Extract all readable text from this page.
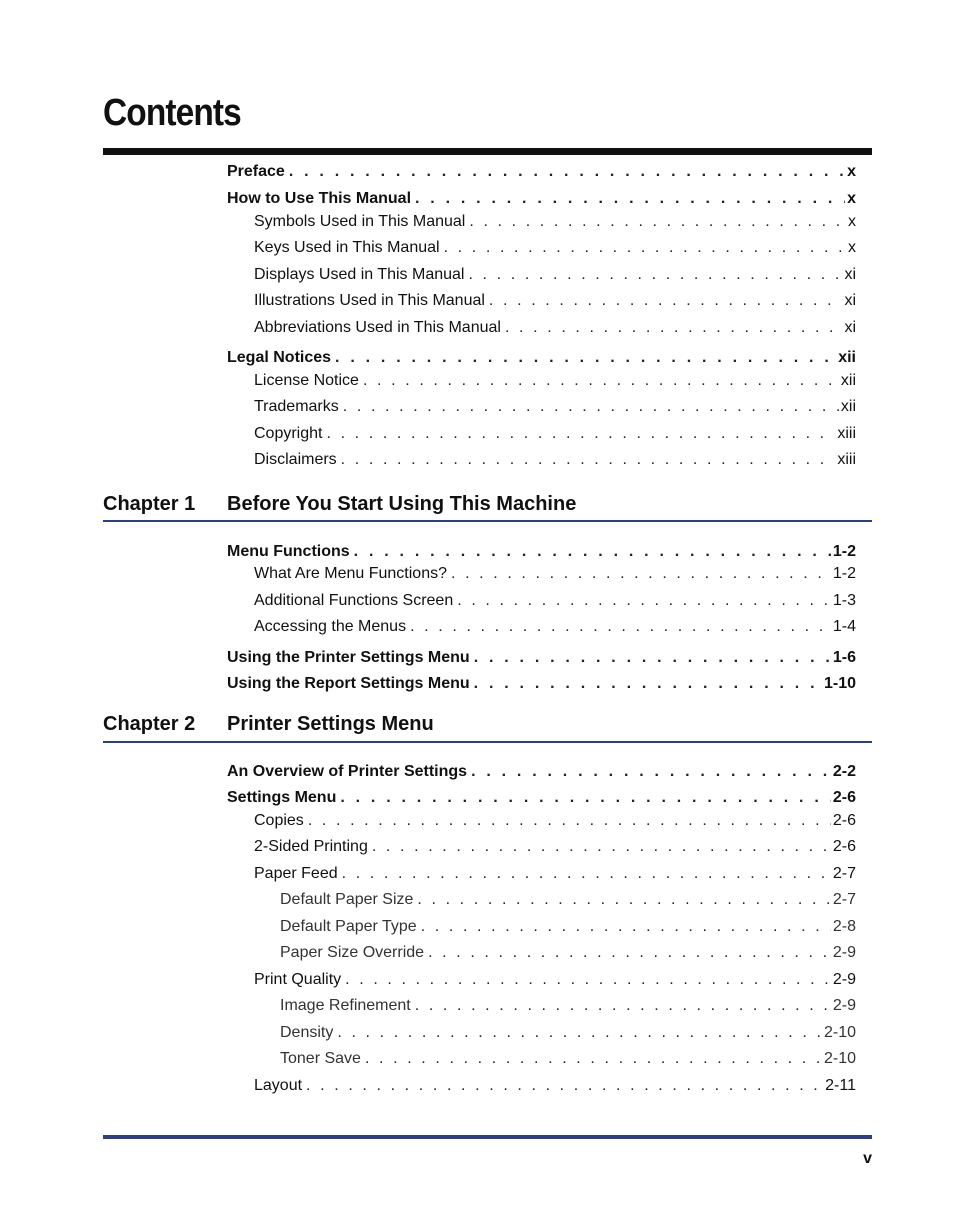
Contents
Preface . . .	x
How to Use This Manual . . .	x
Symbols Used in This Manual . . .	x
Keys Used in This Manual . . .	x
Displays Used in This Manual . . .	xi
Illustrations Used in This Manual . . .	xi
Abbreviations Used in This Manual . . .	xi
Legal Notices . . .	xii
License Notice . . .	xii
Trademarks . . .	xii
Copyright . . .	xiii
Disclaimers . . .	xiii
Chapter 1 Before You Start Using This Machine
Menu Functions . . .	1-2
What Are Menu Functions? . . .	1-2
Additional Functions Screen . . .	1-3
Accessing the Menus . . .	1-4
Using the Printer Settings Menu . . .	1-6
Using the Report Settings Menu . . .	1-10
Chapter 2 Printer Settings Menu
An Overview of Printer Settings . . .	2-2
Settings Menu . . .	2-6
Copies . . .	2-6
2-Sided Printing . . .	2-6
Paper Feed . . .	2-7
Default Paper Size . . .	2-7
Default Paper Type . . .	2-8
Paper Size Override . . .	2-9
Print Quality . . .	2-9
Image Refinement . . .	2-9
Density . . .	2-10
Toner Save . . .	2-10
Layout . . .	2-11
v
